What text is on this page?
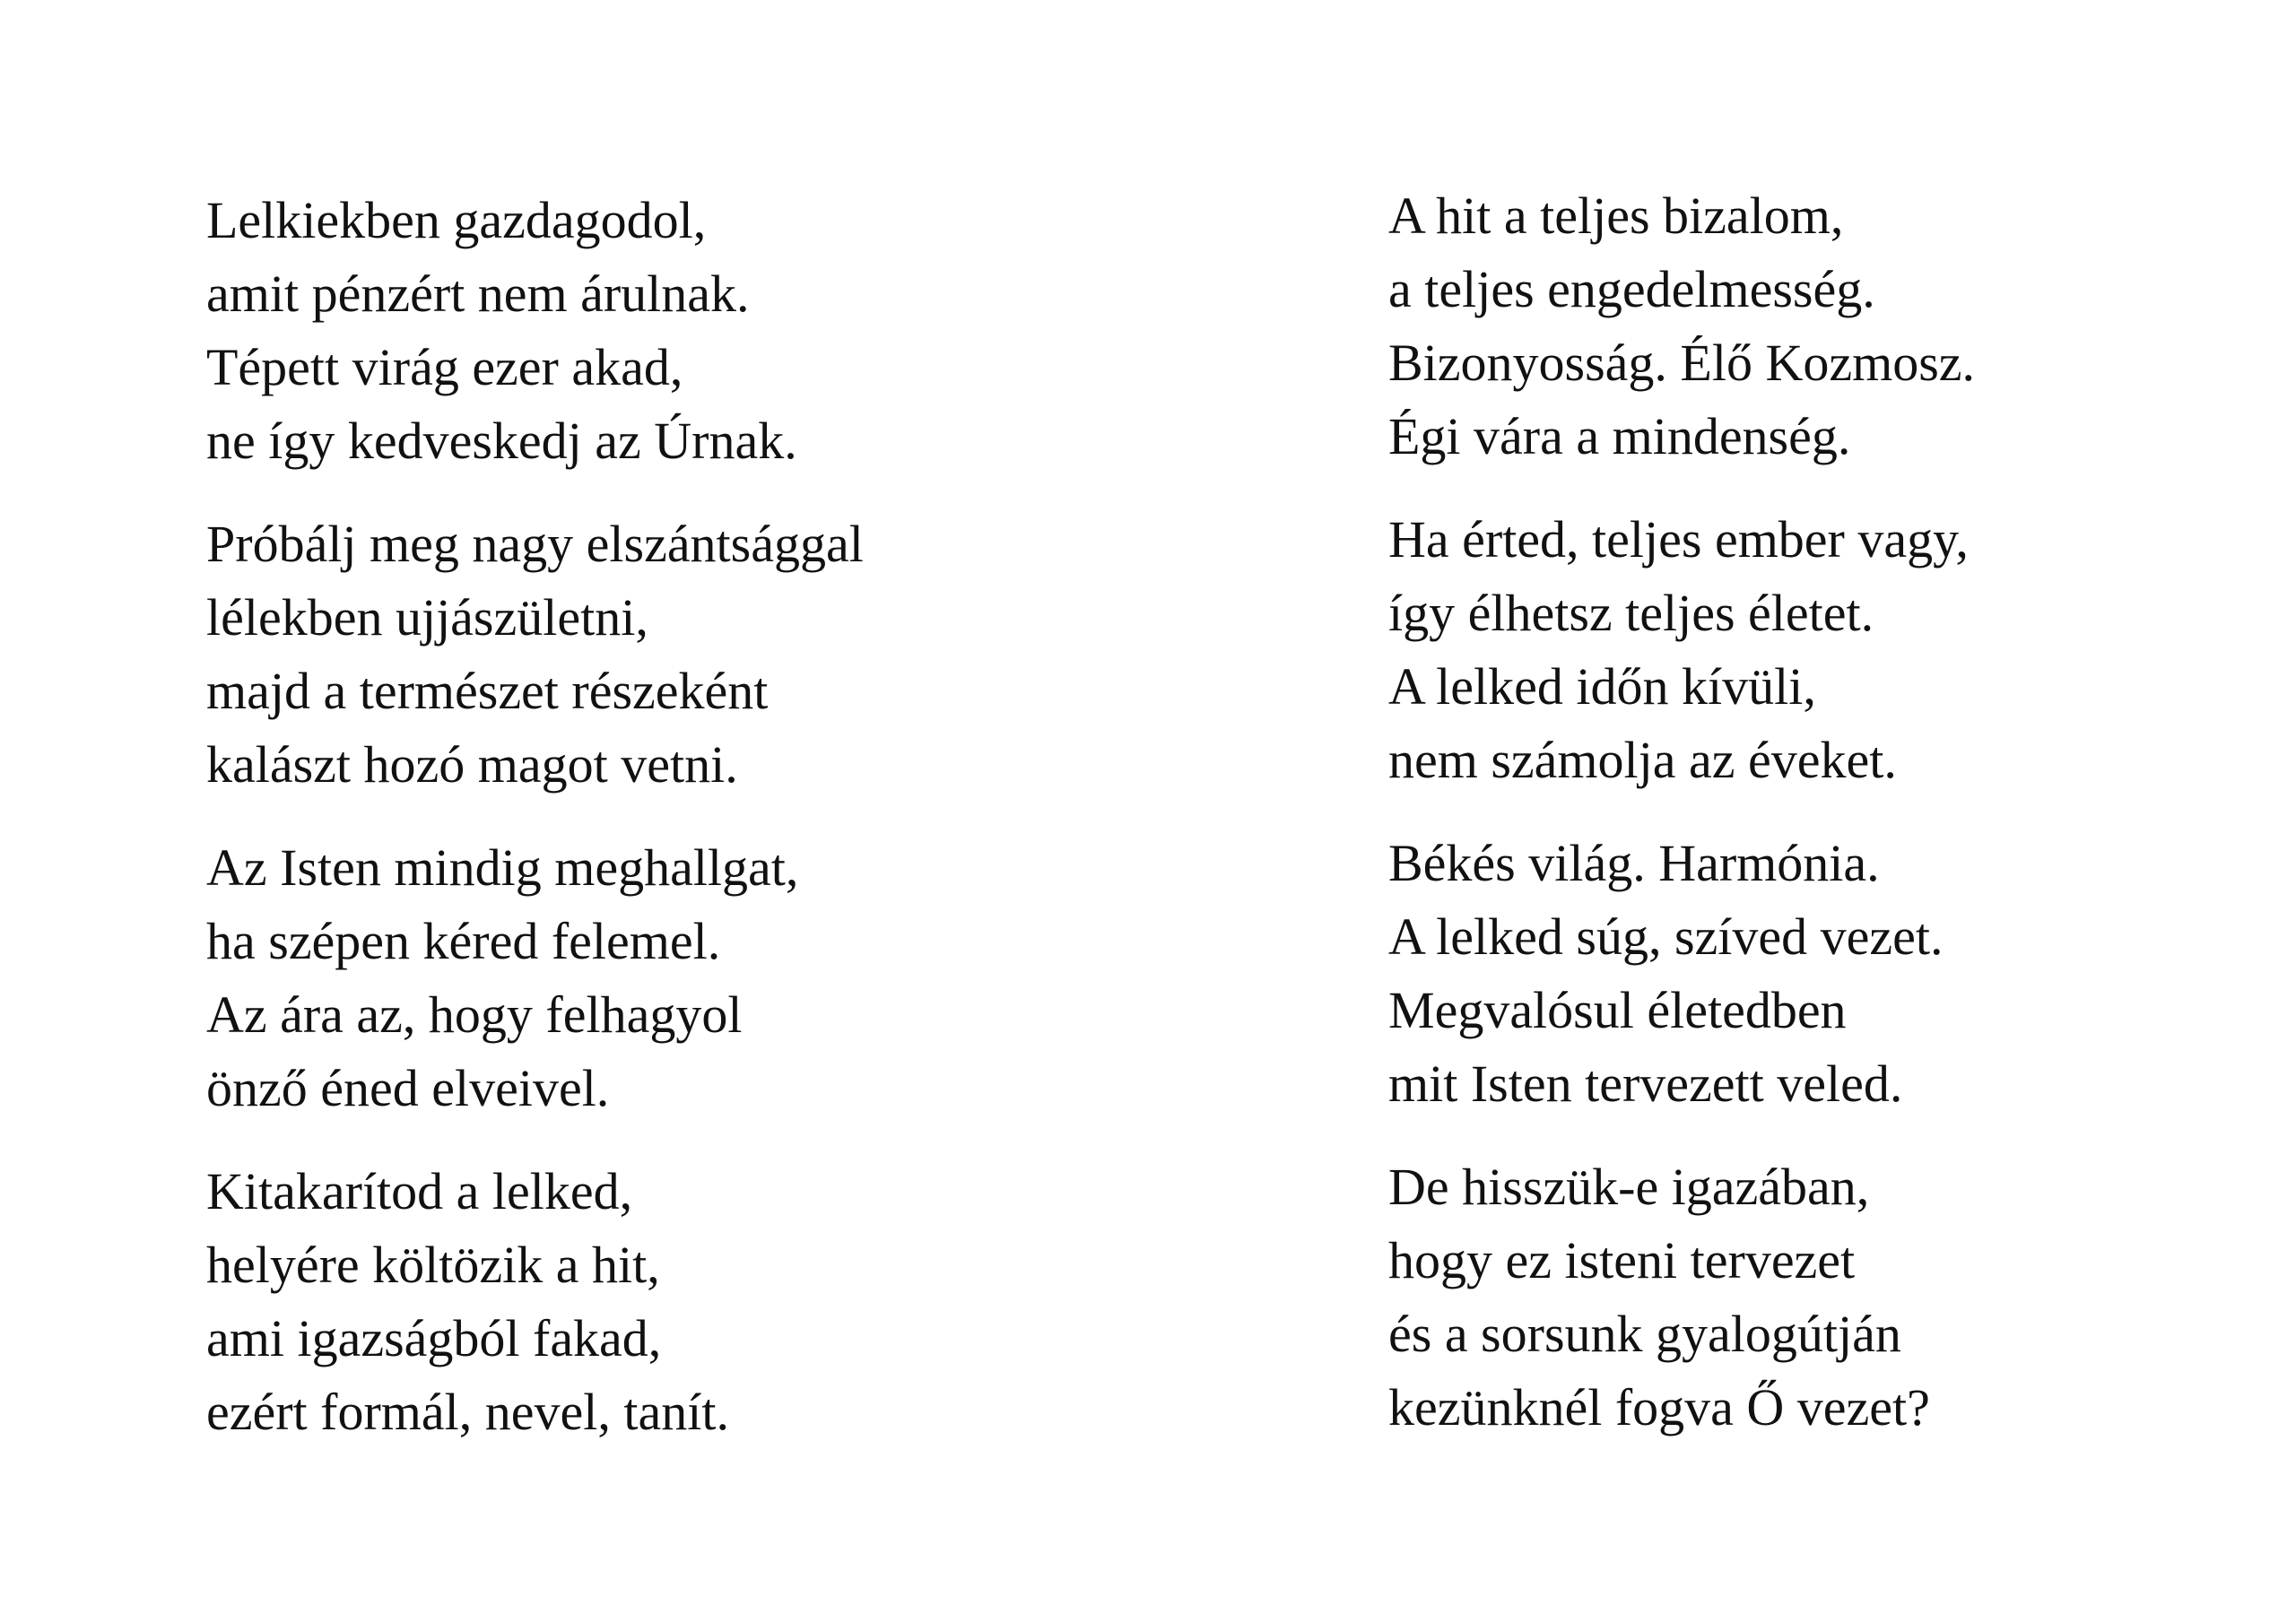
Lelkiekben gazdagodol,
amit pénzért nem árulnak.
Tépett virág ezer akad,
ne így kedveskedj az Úrnak.
Próbálj meg nagy elszántsággal
lélekben ujjászületni,
majd a természet részeként
kalászt hozó magot vetni.
Az Isten mindig meghallgat,
ha szépen kéred felemel.
Az ára az, hogy felhagyol
önző éned elveivel.
Kitakarítod a lelked,
helyére költözik a hit,
ami igazságból fakad,
ezért formál, nevel, tanít.
A hit a teljes bizalom,
a teljes engedelmesség.
Bizonyosság. Élő Kozmosz.
Égi vára a mindenség.
Ha érted, teljes ember vagy,
így élhetsz teljes életet.
A lelked időn kívüli,
nem számolja az éveket.
Békés világ. Harmónia.
A lelked súg, szíved vezet.
Megvalósul életedben
mit Isten tervezett veled.
De hisszük-e igazában,
hogy ez isteni tervezet
és a sorsunk gyalogútján
kezünknél fogva Ő vezet?
